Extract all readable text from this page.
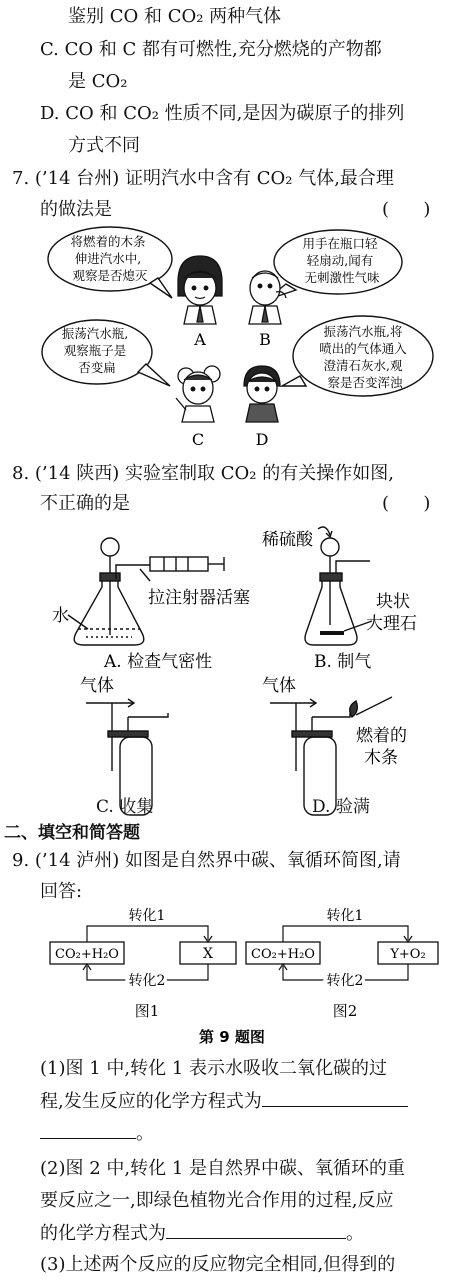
鉴别 CO 和 CO₂ 两种气体
C. CO 和 C 都有可燃性,充分燃烧的产物都
是 CO₂
D. CO 和 CO₂ 性质不同,是因为碳原子的排列
方式不同
7. (’14 台州) 证明汽水中含有 CO₂ 气体,最合理
的做法是	(      )
将燃着的木条 伸进汽水中, 观察是否熄灭
用手在瓶口轻 轻扇动,闻有 无刺激性气味
振荡汽水瓶, 观察瓶子是 否变扁
振荡汽水瓶,将 喷出的气体通入 澄清石灰水,观 察是否变浑浊
A	B
C	D
8. (’14 陕西) 实验室制取 CO₂ 的有关操作如图,
不正确的是	(      )
拉注射器活塞
水
A. 检查气密性
稀硫酸
块状
大理石
B. 制气
气体	气体
燃着的
木条
C. 收集	D. 验满
二、填空和简答题
9. (’14 泸州) 如图是自然界中碳、氧循环简图,请
回答:
CO₂+H₂O	X
转化1
转化2
图1
CO₂+H₂O	Y+O₂
转化1
转化2
图2
第 9 题图
(1)图 1 中,转化 1 表示水吸收二氧化碳的过
程,发生反应的化学方程式为
。
(2)图 2 中,转化 1 是自然界中碳、氧循环的重
要反应之一,即绿色植物光合作用的过程,反应
的化学方程式为	。
(3)上述两个反应的反应物完全相同,但得到的
